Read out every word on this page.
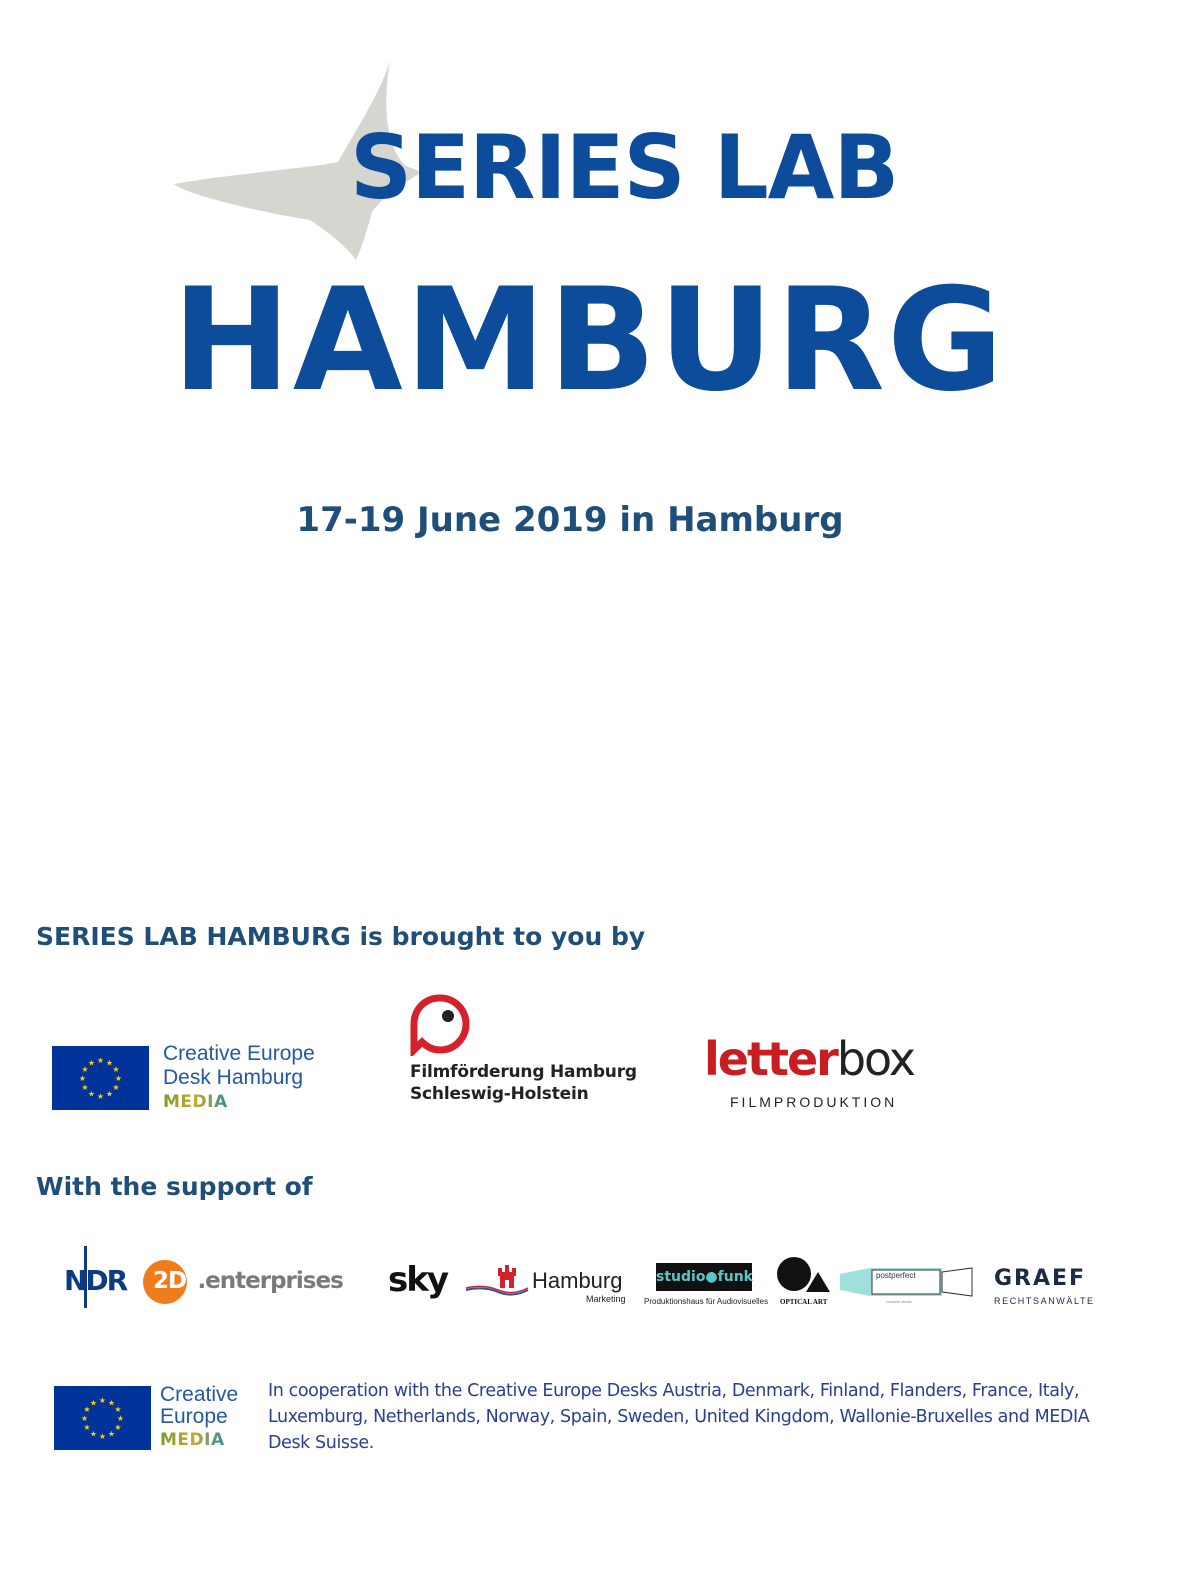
SERIES LAB
HAMBURG
17-19 June 2019 in Hamburg
SERIES LAB HAMBURG is brought to you by
★ ★
★
★
★
★
★
★
★
★
★
★	Creative Europe
Desk Hamburg
MEDIA
Filmförderung Hamburg
Schleswig-Holstein
letterbox
FILMPRODUKTION
With the support of
NDR 2DF.enterprises sky	Hamburg
Marketing
studio●funk
Produktionshaus für Audiovisuelles OPTICAL ART
postperfect
creative studio
GRAEF
RECHTSANWÄLTE
★ ★
★
★
★
★
★
★
★
★
★
★	Creative
Europe
MEDIA
In cooperation with the Creative Europe Desks Austria, Denmark, Finland, Flanders, France, Italy, Luxemburg, Netherlands, Norway, Spain, Sweden, United Kingdom, Wallonie-Bruxelles and MEDIA Desk Suisse.
